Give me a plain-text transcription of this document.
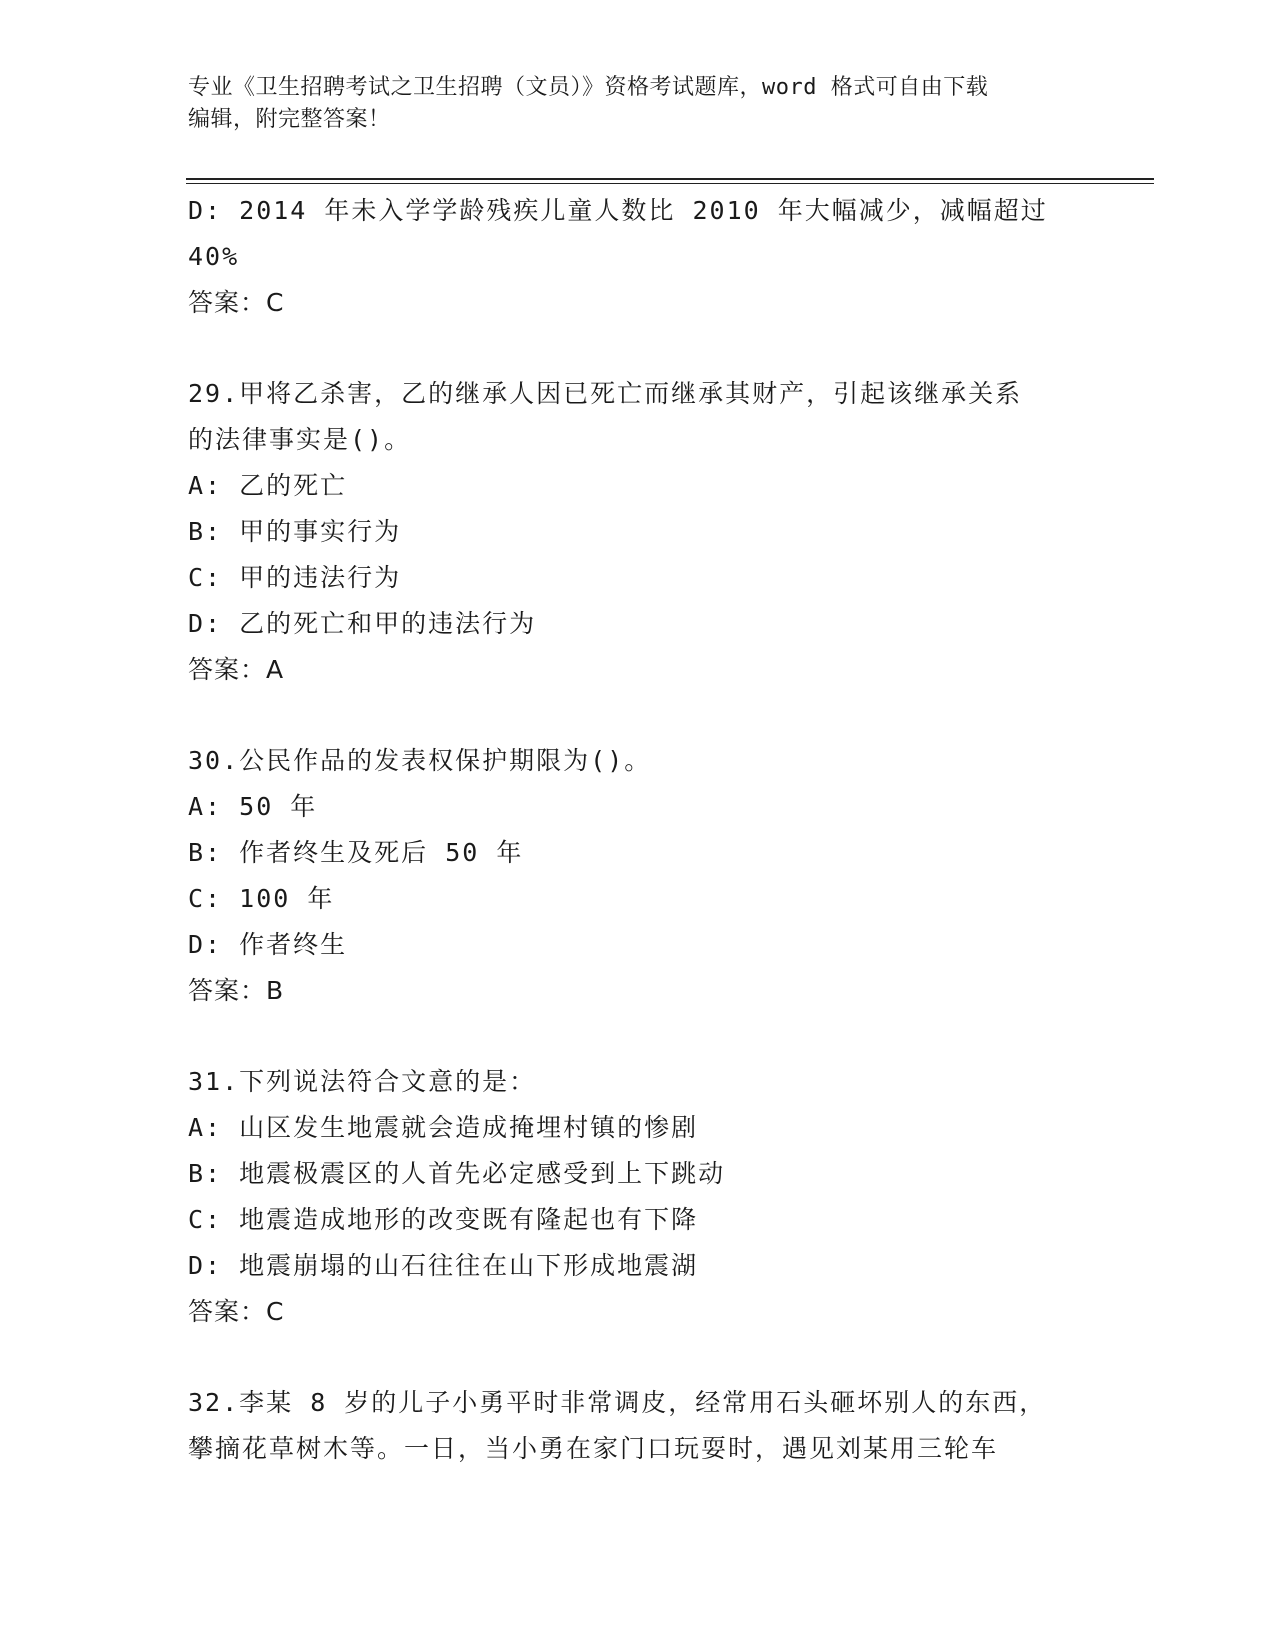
专业《卫生招聘考试之卫生招聘（文员）》资格考试题库，word 格式可自由下载
编辑，附完整答案！
D: 2014 年未入学学龄残疾儿童人数比 2010 年大幅减少，减幅超过
40%
答案：C
29.甲将乙杀害，乙的继承人因已死亡而继承其财产，引起该继承关系
的法律事实是()。
A: 乙的死亡
B: 甲的事实行为
C: 甲的违法行为
D: 乙的死亡和甲的违法行为
答案：A
30.公民作品的发表权保护期限为()。
A: 50 年
B: 作者终生及死后 50 年
C: 100 年
D: 作者终生
答案：B
31.下列说法符合文意的是：
A: 山区发生地震就会造成掩埋村镇的惨剧
B: 地震极震区的人首先必定感受到上下跳动
C: 地震造成地形的改变既有隆起也有下降
D: 地震崩塌的山石往往在山下形成地震湖
答案：C
32.李某 8 岁的儿子小勇平时非常调皮，经常用石头砸坏别人的东西，
攀摘花草树木等。一日，当小勇在家门口玩耍时，遇见刘某用三轮车
